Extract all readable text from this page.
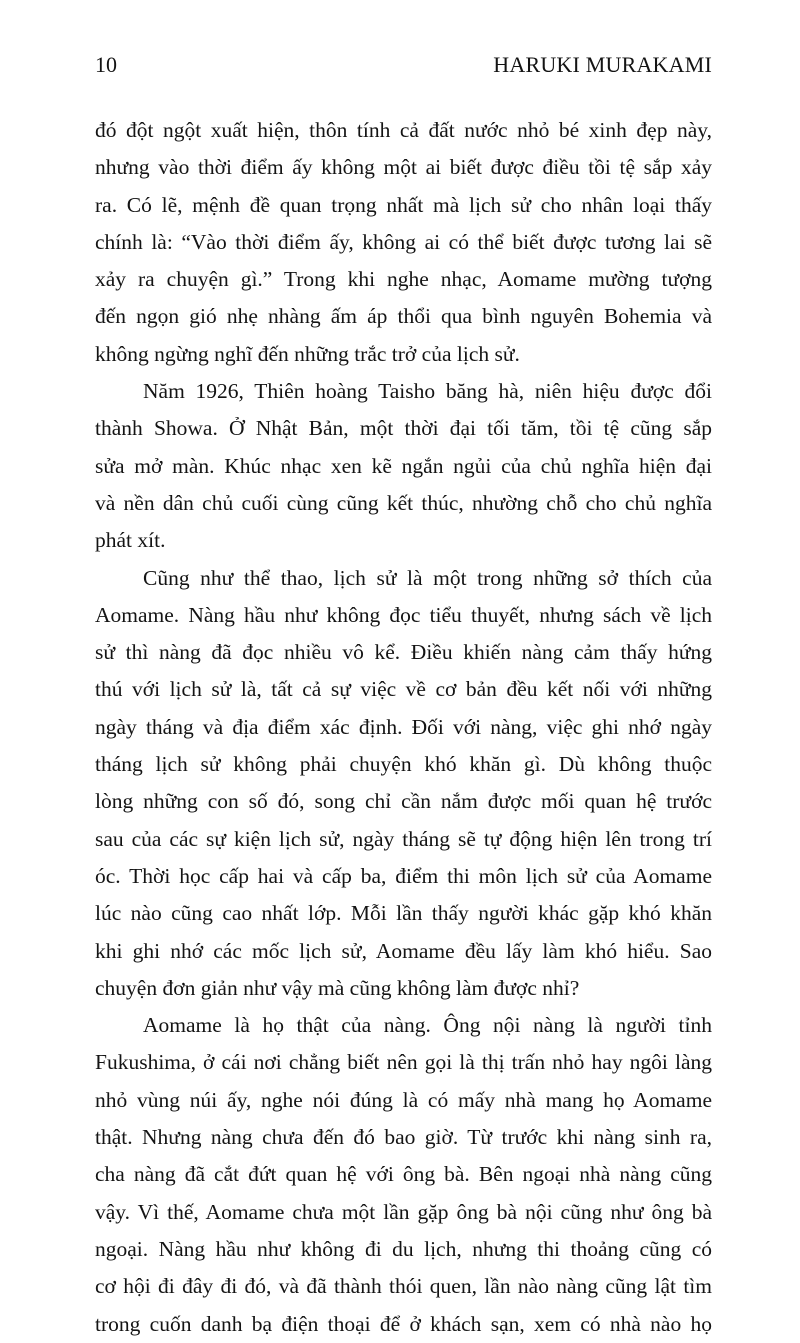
10	HARUKI MURAKAMI
đó đột ngột xuất hiện, thôn tính cả đất nước nhỏ bé xinh đẹp này,
nhưng vào thời điểm ấy không một ai biết được điều tồi tệ sắp xảy
ra. Có lẽ, mệnh đề quan trọng nhất mà lịch sử cho nhân loại thấy
chính là: “Vào thời điểm ấy, không ai có thể biết được tương lai sẽ
xảy ra chuyện gì.” Trong khi nghe nhạc, Aomame mường tượng
đến ngọn gió nhẹ nhàng ấm áp thổi qua bình nguyên Bohemia và
không ngừng nghĩ đến những trắc trở của lịch sử.
Năm 1926, Thiên hoàng Taisho băng hà, niên hiệu được đổi
thành Showa. Ở Nhật Bản, một thời đại tối tăm, tồi tệ cũng sắp
sửa mở màn. Khúc nhạc xen kẽ ngắn ngủi của chủ nghĩa hiện đại
và nền dân chủ cuối cùng cũng kết thúc, nhường chỗ cho chủ nghĩa
phát xít.
Cũng như thể thao, lịch sử là một trong những sở thích của
Aomame. Nàng hầu như không đọc tiểu thuyết, nhưng sách về lịch
sử thì nàng đã đọc nhiều vô kể. Điều khiến nàng cảm thấy hứng
thú với lịch sử là, tất cả sự việc về cơ bản đều kết nối với những
ngày tháng và địa điểm xác định. Đối với nàng, việc ghi nhớ ngày
tháng lịch sử không phải chuyện khó khăn gì. Dù không thuộc
lòng những con số đó, song chỉ cần nắm được mối quan hệ trước
sau của các sự kiện lịch sử, ngày tháng sẽ tự động hiện lên trong trí
óc. Thời học cấp hai và cấp ba, điểm thi môn lịch sử của Aomame
lúc nào cũng cao nhất lớp. Mỗi lần thấy người khác gặp khó khăn
khi ghi nhớ các mốc lịch sử, Aomame đều lấy làm khó hiểu. Sao
chuyện đơn giản như vậy mà cũng không làm được nhỉ?
Aomame là họ thật của nàng. Ông nội nàng là người tỉnh
Fukushima, ở cái nơi chẳng biết nên gọi là thị trấn nhỏ hay ngôi làng
nhỏ vùng núi ấy, nghe nói đúng là có mấy nhà mang họ Aomame
thật. Nhưng nàng chưa đến đó bao giờ. Từ trước khi nàng sinh ra,
cha nàng đã cắt đứt quan hệ với ông bà. Bên ngoại nhà nàng cũng
vậy. Vì thế, Aomame chưa một lần gặp ông bà nội cũng như ông bà
ngoại. Nàng hầu như không đi du lịch, nhưng thi thoảng cũng có
cơ hội đi đây đi đó, và đã thành thói quen, lần nào nàng cũng lật tìm
trong cuốn danh bạ điện thoại để ở khách sạn, xem có nhà nào họ
